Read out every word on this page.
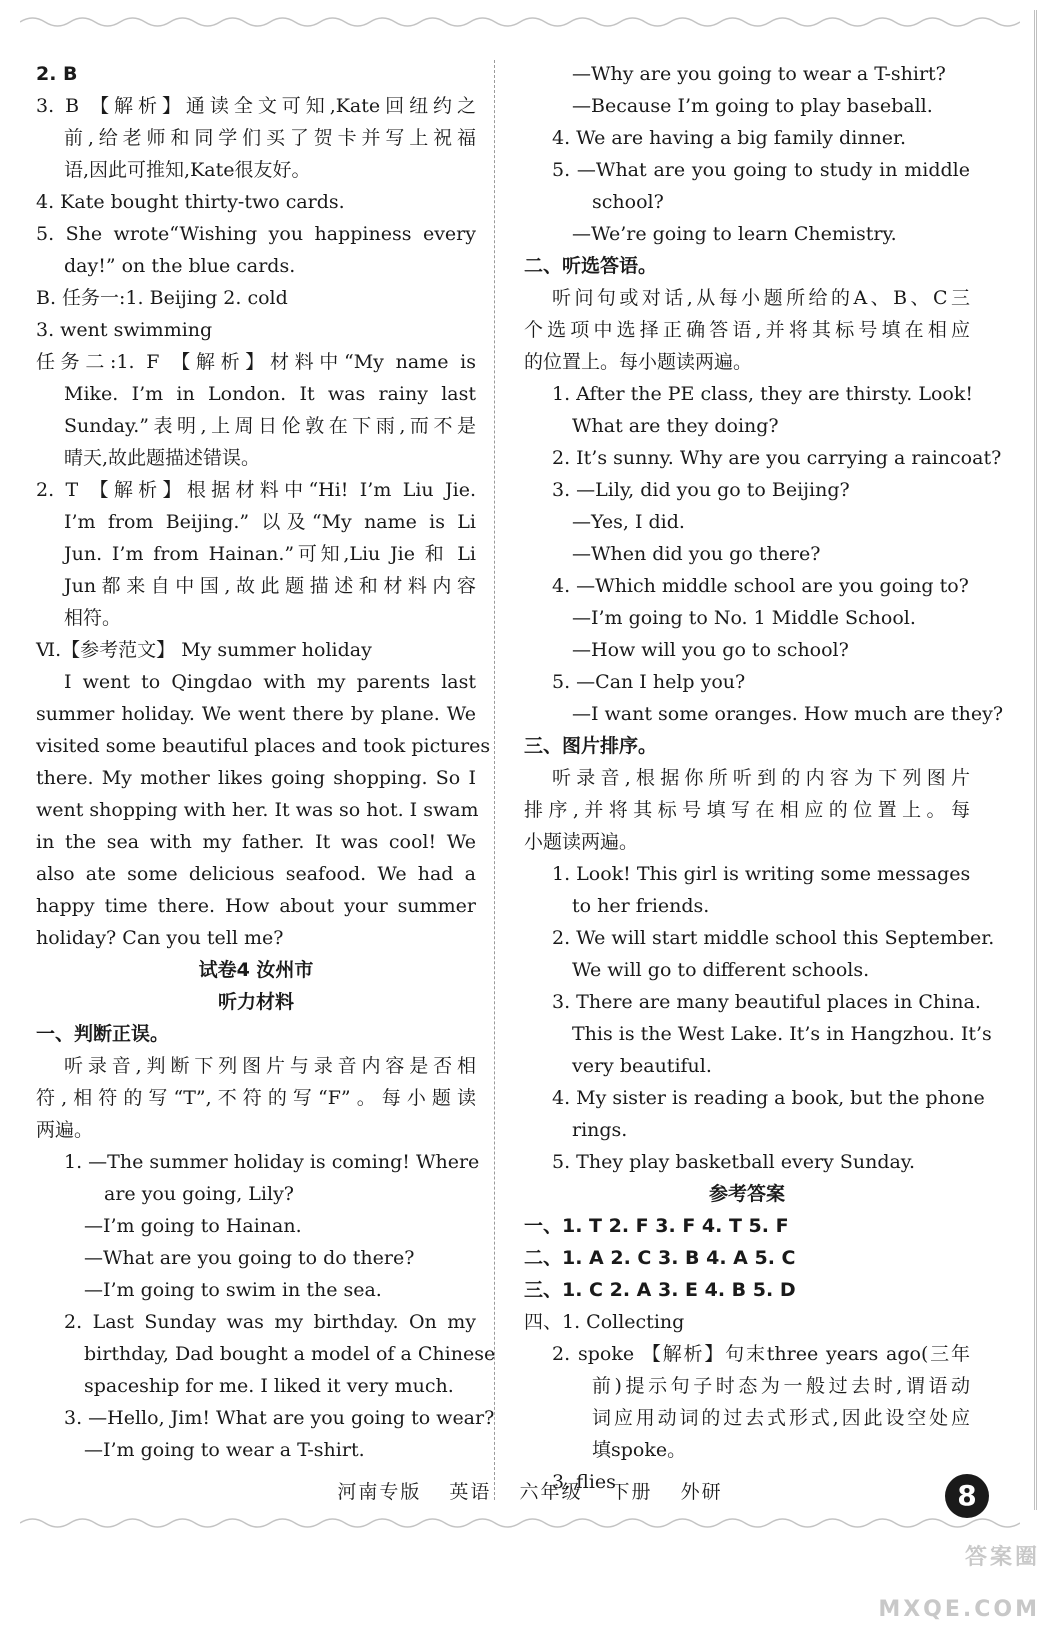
2. B
3. B 【解析】通读全文可知,Kate回纽约之
前,给老师和同学们买了贺卡并写上祝福
语,因此可推知,Kate很友好。
4. Kate bought thirty-two cards.
5. She wrote“Wishing you happiness every
day!” on the blue cards.
B. 任务一:1. Beijing 2. cold
3. went swimming
任务二:1. F 【解析】材料中“My name is
Mike. I’m in London. It was rainy last
Sunday.”表明,上周日伦敦在下雨,而不是
晴天,故此题描述错误。
2. T 【解析】根据材料中“Hi! I’m Liu Jie.
I’m from Beijing.” 以及“My name is Li
Jun. I’m from Hainan.”可知,Liu Jie 和 Li
Jun都来自中国,故此题描述和材料内容
相符。
Ⅵ.【参考范文】 My summer holiday
I went to Qingdao with my parents last
summer holiday. We went there by plane. We
visited some beautiful places and took pictures
there. My mother likes going shopping. So I
went shopping with her. It was so hot. I swam
in the sea with my father. It was cool! We
also ate some delicious seafood. We had a
happy time there. How about your summer
holiday? Can you tell me?
试卷4 汝州市
听力材料
一、判断正误。
听录音,判断下列图片与录音内容是否相
符,相符的写“T”,不符的写“F”。每小题读
两遍。
1. —The summer holiday is coming! Where
are you going, Lily?
—I’m going to Hainan.
—What are you going to do there?
—I’m going to swim in the sea.
2. Last Sunday was my birthday. On my
birthday, Dad bought a model of a Chinese
spaceship for me. I liked it very much.
3. —Hello, Jim! What are you going to wear?
—I’m going to wear a T-shirt.
—Why are you going to wear a T-shirt?
—Because I’m going to play baseball.
4. We are having a big family dinner.
5. —What are you going to study in middle
school?
—We’re going to learn Chemistry.
二、听选答语。
听问句或对话,从每小题所给的A、B、C三
个选项中选择正确答语,并将其标号填在相应
的位置上。每小题读两遍。
1. After the PE class, they are thirsty. Look!
What are they doing?
2. It’s sunny. Why are you carrying a raincoat?
3. —Lily, did you go to Beijing?
—Yes, I did.
—When did you go there?
4. —Which middle school are you going to?
—I’m going to No. 1 Middle School.
—How will you go to school?
5. —Can I help you?
—I want some oranges. How much are they?
三、图片排序。
听录音,根据你所听到的内容为下列图片
排序,并将其标号填写在相应的位置上。每
小题读两遍。
1. Look! This girl is writing some messages
to her friends.
2. We will start middle school this September.
We will go to different schools.
3. There are many beautiful places in China.
This is the West Lake. It’s in Hangzhou. It’s
very beautiful.
4. My sister is reading a book, but the phone
rings.
5. They play basketball every Sunday.
参考答案
一、1. T 2. F 3. F 4. T 5. F
二、1. A 2. C 3. B 4. A 5. C
三、1. C 2. A 3. E 4. B 5. D
四、1. Collecting
2. spoke 【解析】句末three years ago(三年
前)提示句子时态为一般过去时,谓语动
词应用动词的过去式形式,因此设空处应
填spoke。
3. flies
河南专版 英语 六年级 下册 外研	8
答案圈 MXQE.COM
